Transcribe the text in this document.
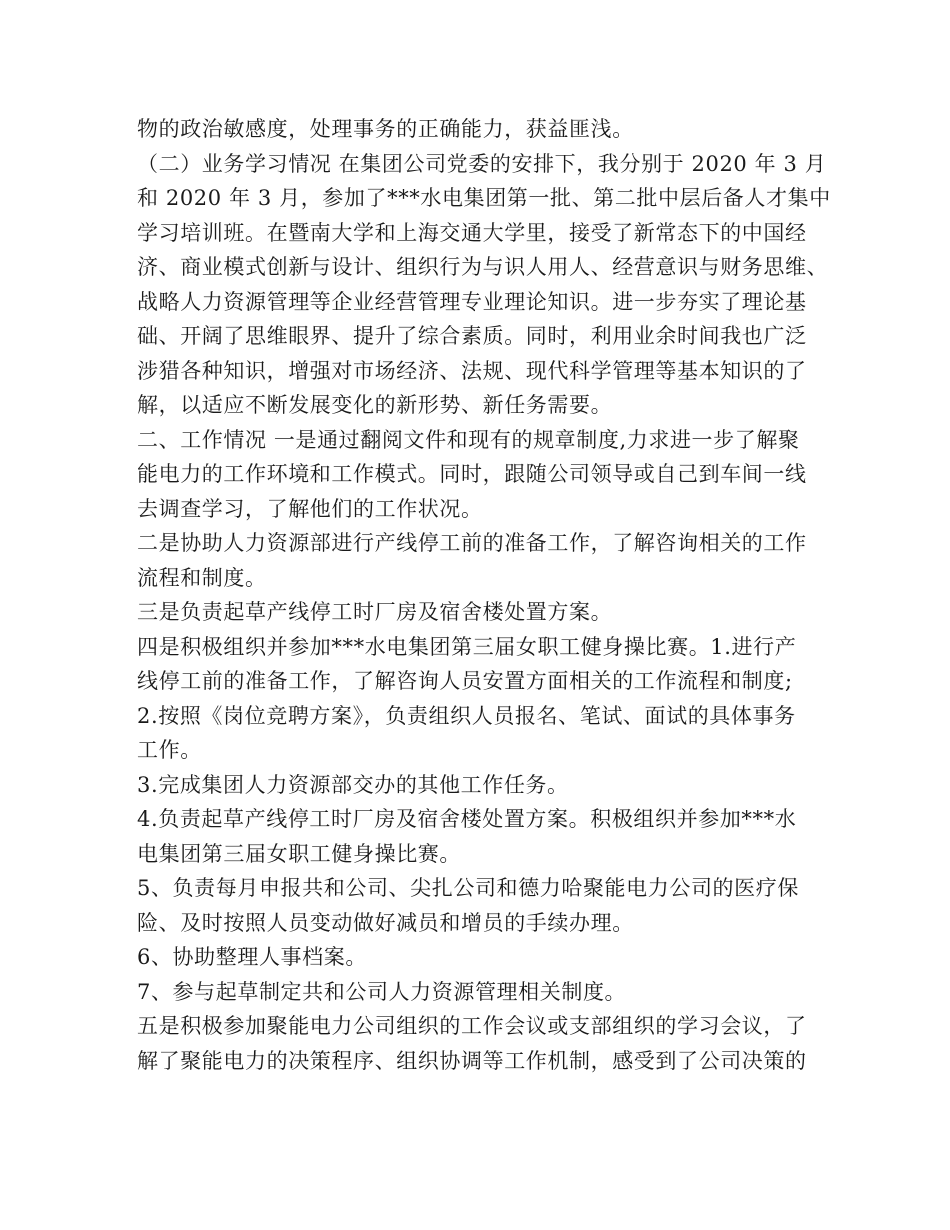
物的政治敏感度，处理事务的正确能力，获益匪浅。
（二）业务学习情况 在集团公司党委的安排下，我分别于 2020 年 3 月
和 2020 年 3 月，参加了***水电集团第一批、第二批中层后备人才集中
学习培训班。在暨南大学和上海交通大学里，接受了新常态下的中国经
济、商业模式创新与设计、组织行为与识人用人、经营意识与财务思维、
战略人力资源管理等企业经营管理专业理论知识。进一步夯实了理论基
础、开阔了思维眼界、提升了综合素质。同时，利用业余时间我也广泛
涉猎各种知识，增强对市场经济、法规、现代科学管理等基本知识的了
解，以适应不断发展变化的新形势、新任务需要。
二、工作情况 一是通过翻阅文件和现有的规章制度,力求进一步了解聚
能电力的工作环境和工作模式。同时，跟随公司领导或自己到车间一线
去调查学习，了解他们的工作状况。
二是协助人力资源部进行产线停工前的准备工作，了解咨询相关的工作
流程和制度。
三是负责起草产线停工时厂房及宿舍楼处置方案。
四是积极组织并参加***水电集团第三届女职工健身操比赛。1.进行产
线停工前的准备工作，了解咨询人员安置方面相关的工作流程和制度;
2.按照《岗位竞聘方案》，负责组织人员报名、笔试、面试的具体事务
工作。
3.完成集团人力资源部交办的其他工作任务。
4.负责起草产线停工时厂房及宿舍楼处置方案。积极组织并参加***水
电集团第三届女职工健身操比赛。
5、负责每月申报共和公司、尖扎公司和德力哈聚能电力公司的医疗保
险、及时按照人员变动做好减员和增员的手续办理。
6、协助整理人事档案。
7、参与起草制定共和公司人力资源管理相关制度。
五是积极参加聚能电力公司组织的工作会议或支部组织的学习会议，了
解了聚能电力的决策程序、组织协调等工作机制，感受到了公司决策的
